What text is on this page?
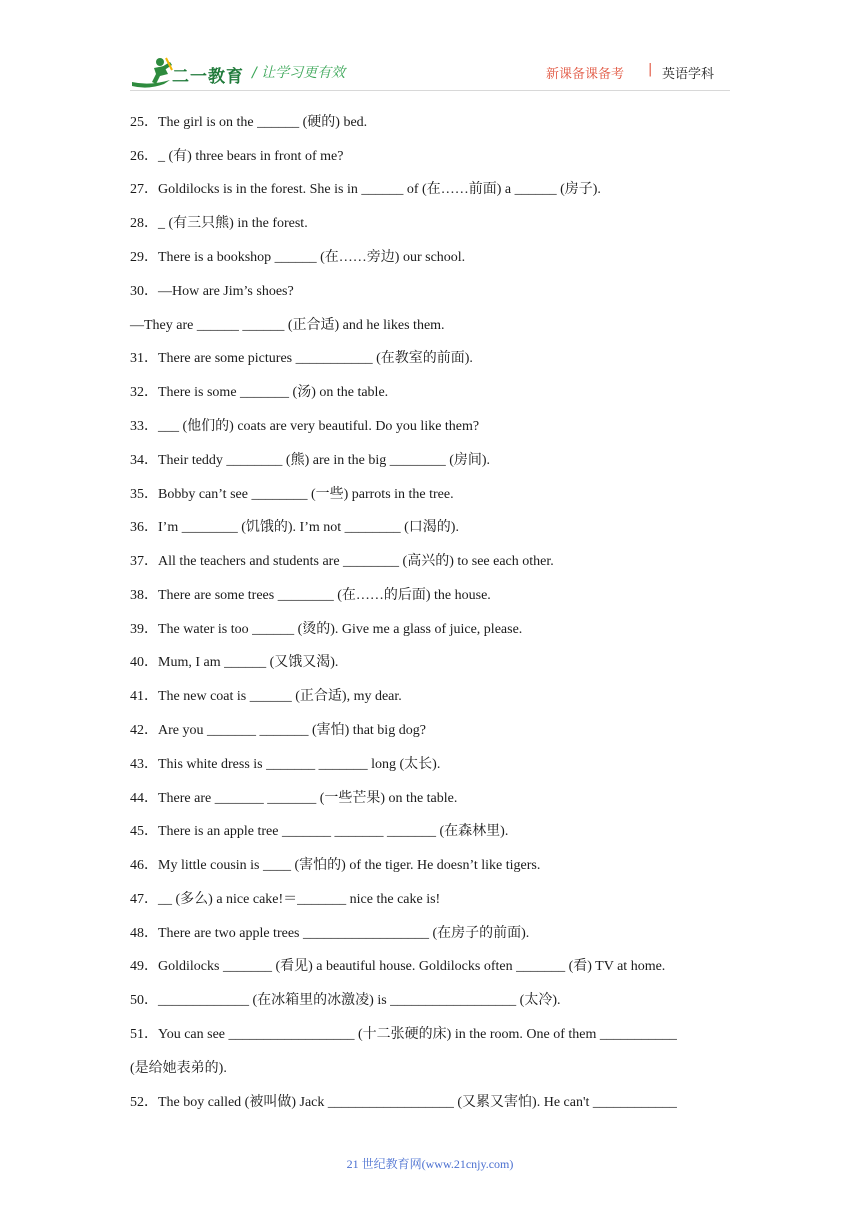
二一教育 / 让学习更有效	新课备课备考 | 英语学科
25．The girl is on the ______ (硬的) bed.
26．_ (有) three bears in front of me?
27．Goldilocks is in the forest. She is in ______ of (在……前面) a ______ (房子).
28．_ (有三只熊) in the forest.
29．There is a bookshop ______ (在……旁边) our school.
30．—How are Jim’s shoes?
—They are ______ ______ (正合适) and he likes them.
31．There are some pictures ___________ (在教室的前面).
32．There is some _______ (汤) on the table.
33．___ (他们的) coats are very beautiful. Do you like them?
34．Their teddy ________ (熊) are in the big ________ (房间).
35．Bobby can’t see ________ (一些) parrots in the tree.
36．I’m ________ (饥饿的). I’m not ________ (口渴的).
37．All the teachers and students are ________ (高兴的) to see each other.
38．There are some trees ________ (在……的后面) the house.
39．The water is too ______ (烫的). Give me a glass of juice, please.
40．Mum, I am ______ (又饿又渴).
41．The new coat is ______ (正合适), my dear.
42．Are you _______ _______ (害怕) that big dog?
43．This white dress is _______ _______ long (太长).
44．There are _______ _______ (一些芒果) on the table.
45．There is an apple tree _______ _______ _______ (在森林里).
46．My little cousin is ____ (害怕的) of the tiger. He doesn’t like tigers.
47．__ (多么) a nice cake!＝_______ nice the cake is!
48．There are two apple trees __________________ (在房子的前面).
49．Goldilocks _______ (看见) a beautiful house. Goldilocks often _______ (看) TV at home.
50．_____________ (在冰箱里的冰激凌) is __________________ (太冷).
51．You can see __________________ (十二张硬的床) in the room. One of them ___________
(是给她表弟的).
52．The boy called (被叫做) Jack __________________ (又累又害怕). He can't ____________
21 世纪教育网(www.21cnjy.com)
